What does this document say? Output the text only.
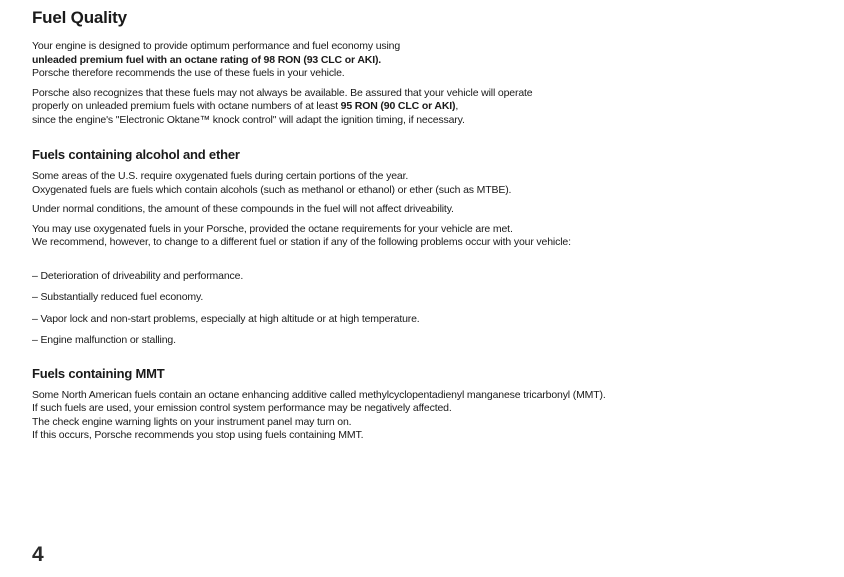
Fuel Quality

Your engine is designed to provide optimum performance and fuel economy using
unleaded premium fuel with an octane rating of 98 RON (93 CLC or AKI).
Porsche therefore recommends the use of these fuels in your vehicle.

Porsche also recognizes that these fuels may not always be available. Be assured that your vehicle will operate
properly on unleaded premium fuels with octane numbers of at least 95 RON (90 CLC or AKI),
since the engine's "Electronic Oktane™ knock control" will adapt the ignition timing, if necessary.

Fuels containing alcohol and ether

Some areas of the U.S. require oxygenated fuels during certain portions of the year.
Oxygenated fuels are fuels which contain alcohols (such as methanol or ethanol) or ether (such as MTBE).

Under normal conditions, the amount of these compounds in the fuel will not affect driveability.

You may use oxygenated fuels in your Porsche, provided the octane requirements for your vehicle are met.
We recommend, however, to change to a different fuel or station if any of the following problems occur with your vehicle:

– Deterioration of driveability and performance.
– Substantially reduced fuel economy.
– Vapor lock and non-start problems, especially at high altitude or at high temperature.
– Engine malfunction or stalling.
Fuels containing MMT

Some North American fuels contain an octane enhancing additive called methylcyclopentadienyl manganese tricarbonyl (MMT).
If such fuels are used, your emission control system performance may be negatively affected.
The check engine warning lights on your instrument panel may turn on.
If this occurs, Porsche recommends you stop using fuels containing MMT.

4
